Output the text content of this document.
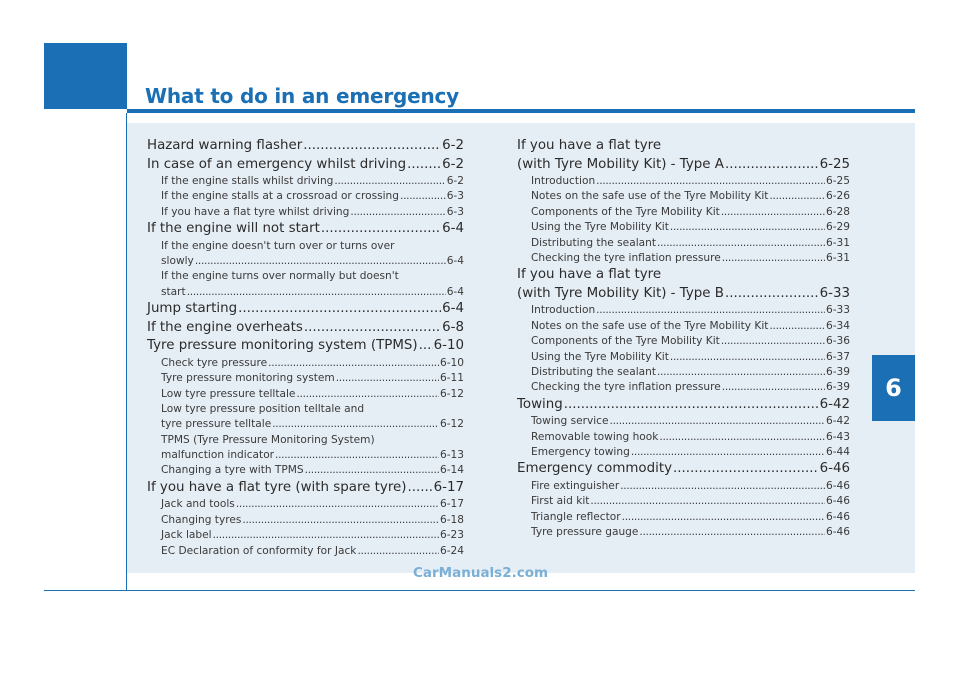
What to do in an emergency
6
Hazard warning flasher .....	6-2
In case of an emergency whilst driving .....	6-2
If the engine stalls whilst driving .....	6-2
If the engine stalls at a crossroad or crossing .....	6-3
If you have a flat tyre whilst driving .....	6-3
If the engine will not start .....	6-4
If the engine doesn't turn over or turns over
slowly .....	6-4
If the engine turns over normally but doesn't
start .....	6-4
Jump starting .....	6-4
If the engine overheats .....	6-8
Tyre pressure monitoring system (TPMS) ..... 6-10
Check tyre pressure .....	6-10
Tyre pressure monitoring system .....	6-11
Low tyre pressure telltale .....	6-12
Low tyre pressure position telltale and
tyre pressure telltale .....	6-12
TPMS (Tyre Pressure Monitoring System)
malfunction indicator .....	6-13
Changing a tyre with TPMS .....	6-14
If you have a flat tyre (with spare tyre) ..... 6-17
Jack and tools .....	6-17
Changing tyres .....	6-18
Jack label .....	6-23
EC Declaration of conformity for Jack .....	6-24
If you have a flat tyre
(with Tyre Mobility Kit) - Type A .....	6-25
Introduction .....	6-25
Notes on the safe use of the Tyre Mobility Kit .....	6-26
Components of the Tyre Mobility Kit .....	6-28
Using the Tyre Mobility Kit .....	6-29
Distributing the sealant .....	6-31
Checking the tyre inflation pressure .....	6-31
If you have a flat tyre
(with Tyre Mobility Kit) - Type B .....	6-33
Introduction .....	6-33
Notes on the safe use of the Tyre Mobility Kit .....	6-34
Components of the Tyre Mobility Kit .....	6-36
Using the Tyre Mobility Kit .....	6-37
Distributing the sealant .....	6-39
Checking the tyre inflation pressure .....	6-39
Towing .....	6-42
Towing service .....	6-42
Removable towing hook .....	6-43
Emergency towing .....	6-44
Emergency commodity .....	6-46
Fire extinguisher .....	6-46
First aid kit .....	6-46
Triangle reflector .....	6-46
Tyre pressure gauge .....	6-46
CarManuals2.com
